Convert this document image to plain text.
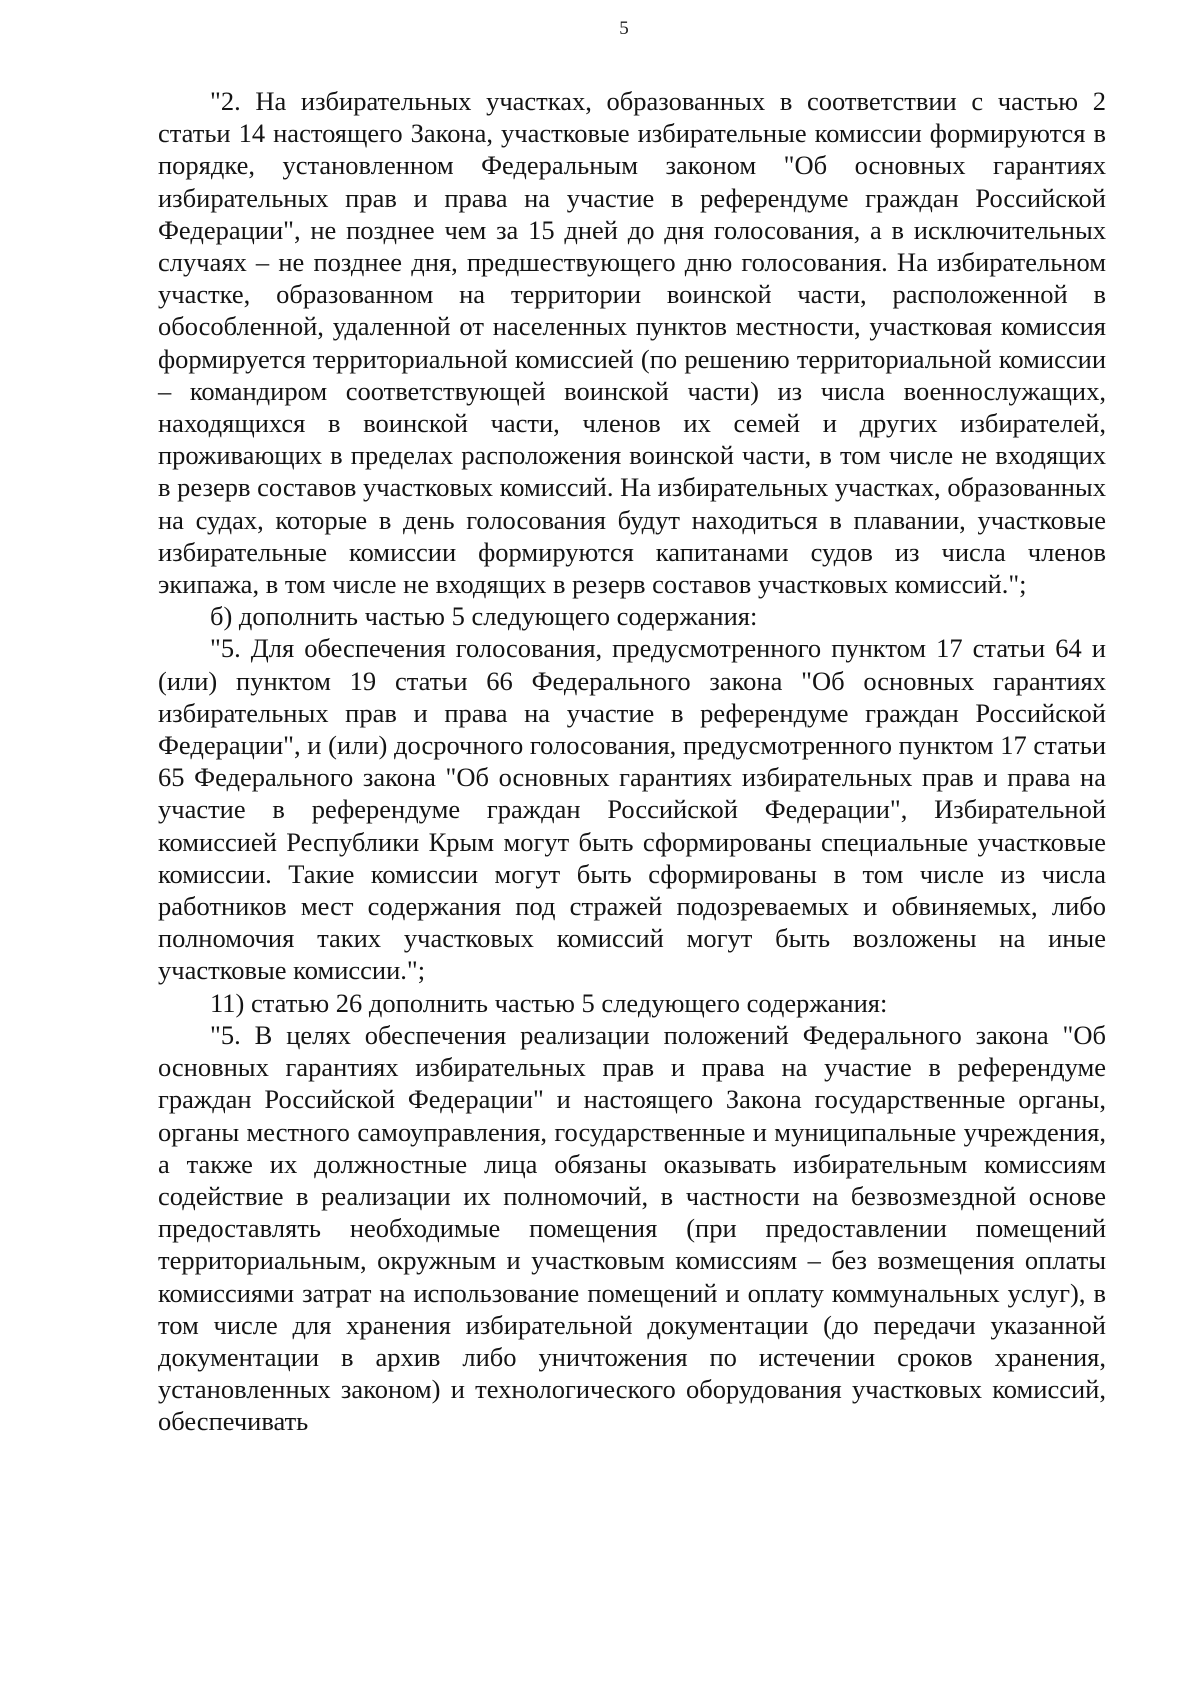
5

"2. На избирательных участках, образованных в соответствии с частью 2 статьи 14 настоящего Закона, участковые избирательные комиссии формируются в порядке, установленном Федеральным законом "Об основных гарантиях избирательных прав и права на участие в референдуме граждан Российской Федерации", не позднее чем за 15 дней до дня голосования, а в исключительных случаях – не позднее дня, предшествующего дню голосования. На избирательном участке, образованном на территории воинской части, расположенной в обособленной, удаленной от населенных пунктов местности, участковая комиссия формируется территориальной комиссией (по решению территориальной комиссии – командиром соответствующей воинской части) из числа военнослужащих, находящихся в воинской части, членов их семей и других избирателей, проживающих в пределах расположения воинской части, в том числе не входящих в резерв составов участковых комиссий. На избирательных участках, образованных на судах, которые в день голосования будут находиться в плавании, участковые избирательные комиссии формируются капитанами судов из числа членов экипажа, в том числе не входящих в резерв составов участковых комиссий.";

б) дополнить частью 5 следующего содержания:

"5. Для обеспечения голосования, предусмотренного пунктом 17 статьи 64 и (или) пунктом 19 статьи 66 Федерального закона "Об основных гарантиях избирательных прав и права на участие в референдуме граждан Российской Федерации", и (или) досрочного голосования, предусмотренного пунктом 17 статьи 65 Федерального закона "Об основных гарантиях избирательных прав и права на участие в референдуме граждан Российской Федерации", Избирательной комиссией Республики Крым могут быть сформированы специальные участковые комиссии. Такие комиссии могут быть сформированы в том числе из числа работников мест содержания под стражей подозреваемых и обвиняемых, либо полномочия таких участковых комиссий могут быть возложены на иные участковые комиссии.";

11) статью 26 дополнить частью 5 следующего содержания:

"5. В целях обеспечения реализации положений Федерального закона "Об основных гарантиях избирательных прав и права на участие в референдуме граждан Российской Федерации" и настоящего Закона государственные органы, органы местного самоуправления, государственные и муниципальные учреждения, а также их должностные лица обязаны оказывать избирательным комиссиям содействие в реализации их полномочий, в частности на безвозмездной основе предоставлять необходимые помещения (при предоставлении помещений территориальным, окружным и участковым комиссиям – без возмещения оплаты комиссиями затрат на использование помещений и оплату коммунальных услуг), в том числе для хранения избирательной документации (до передачи указанной документации в архив либо уничтожения по истечении сроков хранения, установленных законом) и технологического оборудования участковых комиссий, обеспечивать
